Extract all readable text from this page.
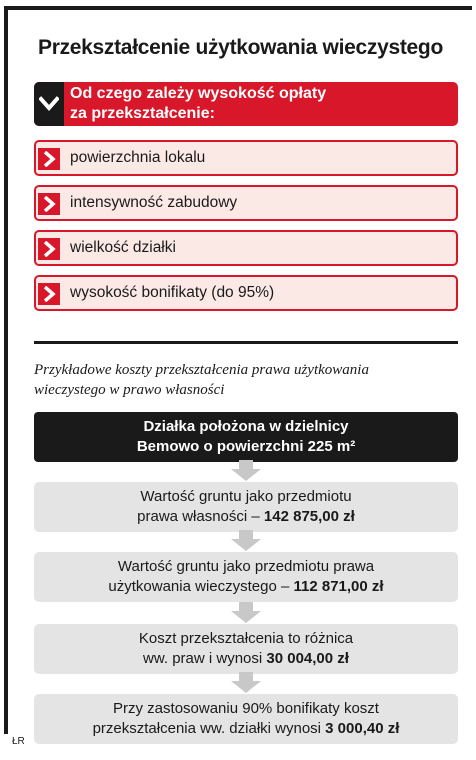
Przekształcenie użytkowania wieczystego
Od czego zależy wysokość opłaty
za przekształcenie:
powierzchnia lokalu
intensywność zabudowy
wielkość działki
wysokość bonifikaty (do 95%)
Przykładowe koszty przekształcenia prawa użytkowania
wieczystego w prawo własności
Działka położona w dzielnicy
Bemowo o powierzchni 225 m²
Wartość gruntu jako przedmiotu
prawa własności – 142 875,00 zł
Wartość gruntu jako przedmiotu prawa
użytkowania wieczystego – 112 871,00 zł
Koszt przekształcenia to różnica
ww. praw i wynosi 30 004,00 zł
Przy zastosowaniu 90% bonifikaty koszt
przekształcenia ww. działki wynosi 3 000,40 zł
ŁR
